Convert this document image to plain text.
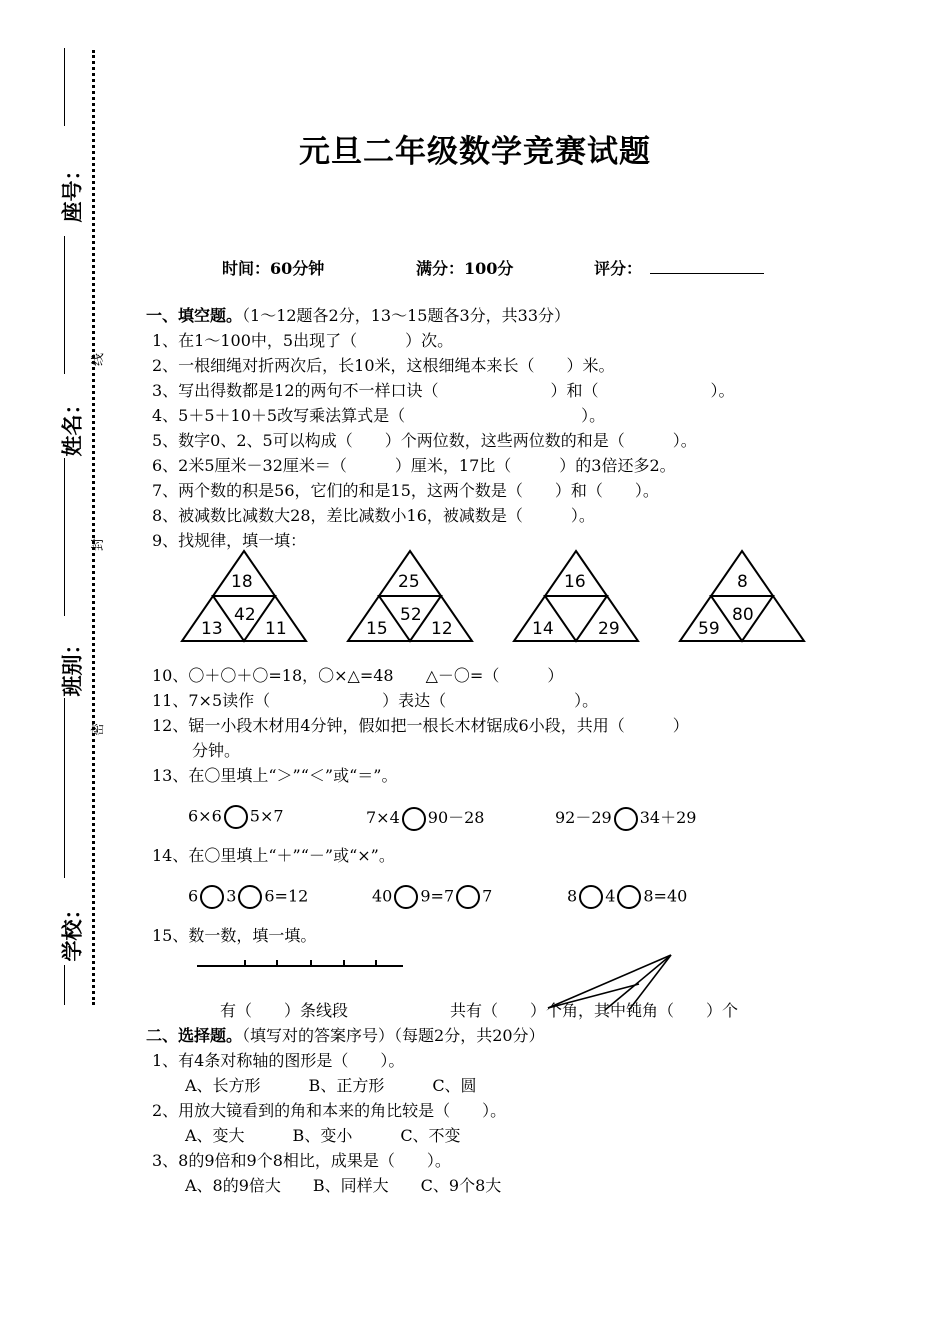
座号：
姓名：
班别：
学校：
线
封
密
元旦二年级数学竞赛试题
时间：60分钟	满分：100分	评分：
一、填空题。（1～12题各2分，13～15题各3分，共33分）
1、在1～100中，5出现了（　　　）次。
2、一根细绳对折两次后，长10米，这根细绳本来长（　　）米。
3、写出得数都是12的两句不一样口诀（　　　　　　　）和（　　　　　　　）。
4、5＋5＋10＋5改写乘法算式是（　　　　　　　　　　　）。
5、数字0、2、5可以构成（　　）个两位数，这些两位数的和是（　　　）。
6、2米5厘米－32厘米＝（　　　）厘米，17比（　　　）的3倍还多2。
7、两个数的积是56，它们的和是15，这两个数是（　　）和（　　）。
8、被减数比减数大28，差比减数小16，被减数是（　　　）。
9、找规律，填一填：
18
42
13 11
25
52
15	12
16
14	29
8
80
59
10、〇＋〇＋〇=18，〇×△=48　　△－〇=（　　　）
11、7×5读作（　　　　　　　）表达（　　　　　　　　）。
12、锯一小段木材用4分钟，假如把一根长木材锯成6小段，共用（　　　）
分钟。
13、在〇里填上“＞”“＜”或“＝”。
6×6 5×7	7×4 90－28	92－29 34＋29
14、在〇里填上“＋”“－”或“×”。
6 3 6=12	40 9=7 7	8 4 8=40
15、数一数，填一填。
有（　　）条线段	共有（　　）个角，其中钝角（　　）个
二、选择题。（填写对的答案序号）（每题2分，共20分）
1、有4条对称轴的图形是（　　）。
A、长方形　　　B、正方形　　　C、圆
2、用放大镜看到的角和本来的角比较是（　　）。
A、变大　　　B、变小　　　C、不变
3、8的9倍和9个8相比，成果是（　　）。
A、8的9倍大　　B、同样大　　C、9个8大
